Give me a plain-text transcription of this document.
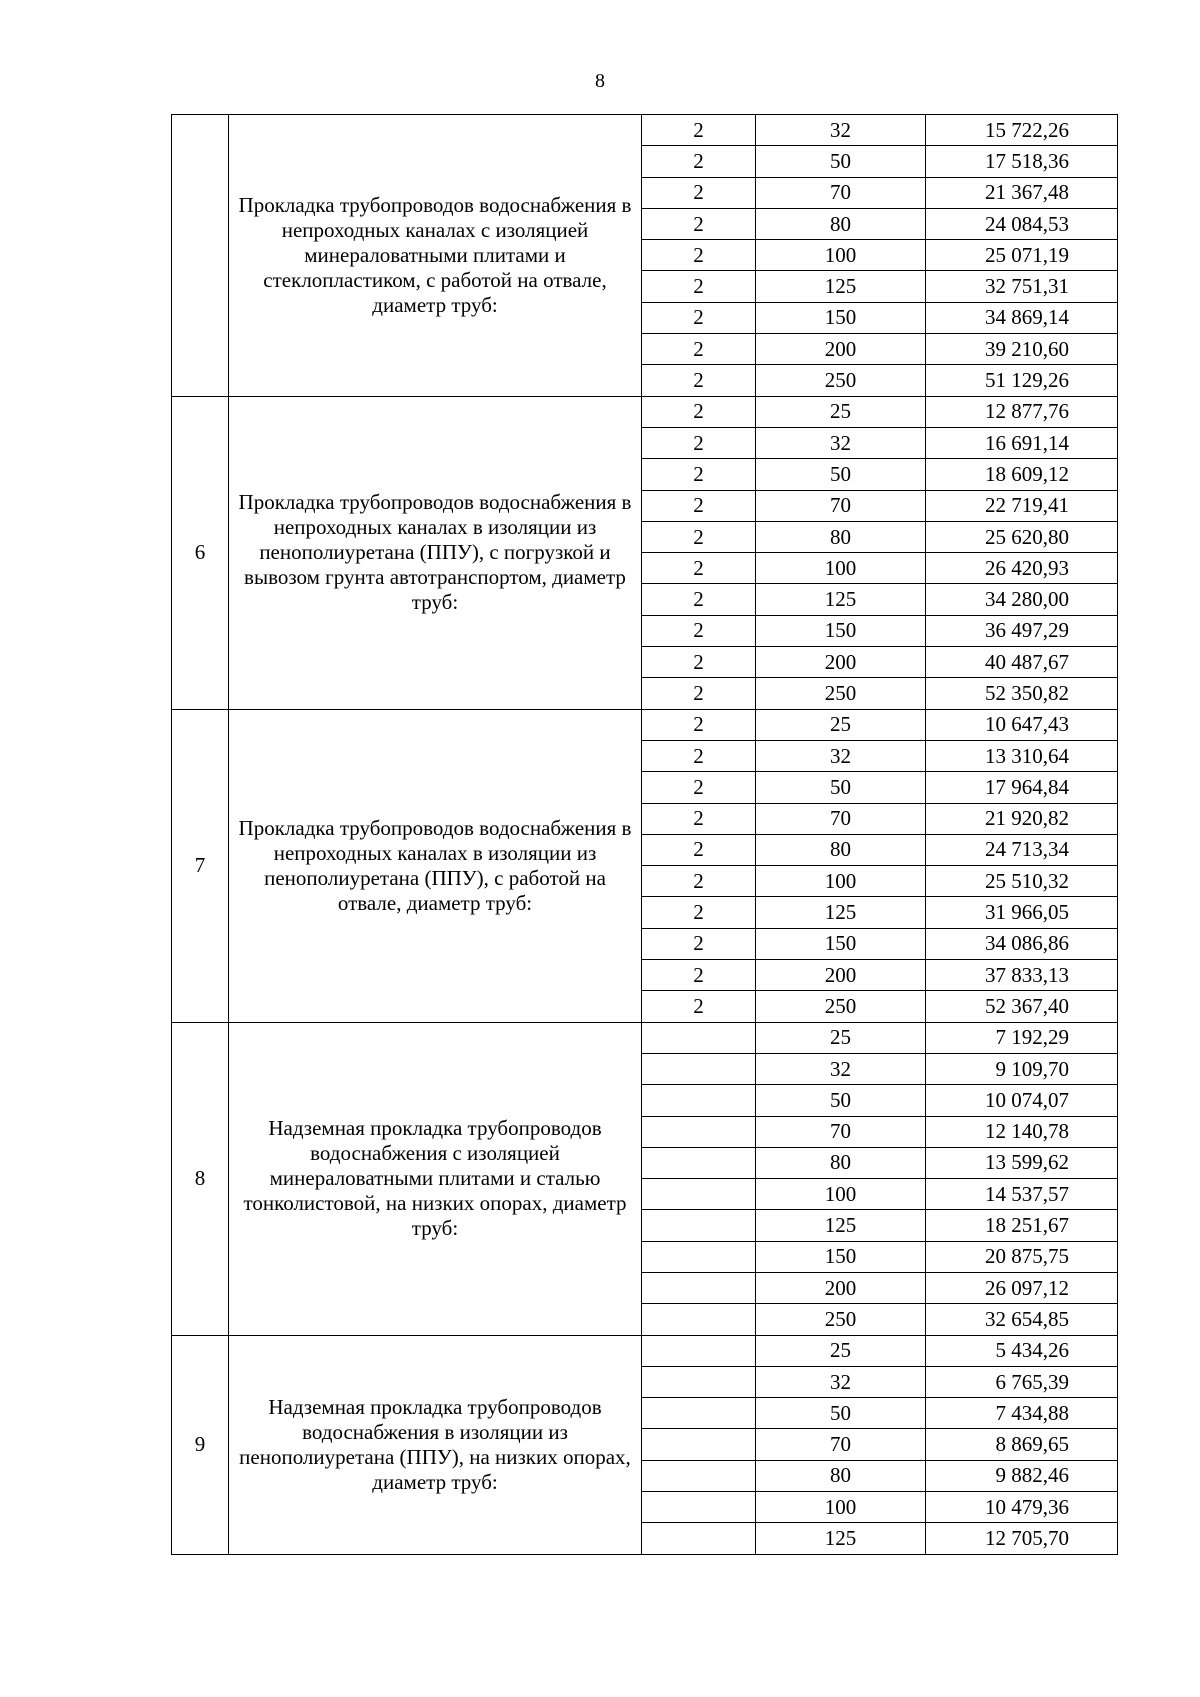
8
	Прокладка трубопроводов водоснабжения в непроходных каналах с изоляцией минераловатными плитами и стеклопластиком, с работой на отвале, диаметр труб:	2	32	15 722,26
		2	50	17 518,36
		2	70	21 367,48
		2	80	24 084,53
		2	100	25 071,19
		2	125	32 751,31
		2	150	34 869,14
		2	200	39 210,60
		2	250	51 129,26
6	Прокладка трубопроводов водоснабжения в непроходных каналах в изоляции из пенополиуретана (ППУ), с погрузкой и вывозом грунта автотранспортом, диаметр труб:	2	25	12 877,76
		2	32	16 691,14
		2	50	18 609,12
		2	70	22 719,41
		2	80	25 620,80
		2	100	26 420,93
		2	125	34 280,00
		2	150	36 497,29
		2	200	40 487,67
		2	250	52 350,82
7	Прокладка трубопроводов водоснабжения в непроходных каналах в изоляции из пенополиуретана (ППУ), с работой на отвале, диаметр труб:	2	25	10 647,43
		2	32	13 310,64
		2	50	17 964,84
		2	70	21 920,82
		2	80	24 713,34
		2	100	25 510,32
		2	125	31 966,05
		2	150	34 086,86
		2	200	37 833,13
		2	250	52 367,40
8	Надземная прокладка трубопроводов водоснабжения с изоляцией минераловатными плитами и сталью тонколистовой, на низких опорах, диаметр труб:		25	7 192,29
			32	9 109,70
			50	10 074,07
			70	12 140,78
			80	13 599,62
			100	14 537,57
			125	18 251,67
			150	20 875,75
			200	26 097,12
			250	32 654,85
9	Надземная прокладка трубопроводов водоснабжения в изоляции из пенополиуретана (ППУ), на низких опорах, диаметр труб:		25	5 434,26
			32	6 765,39
			50	7 434,88
			70	8 869,65
			80	9 882,46
			100	10 479,36
			125	12 705,70
